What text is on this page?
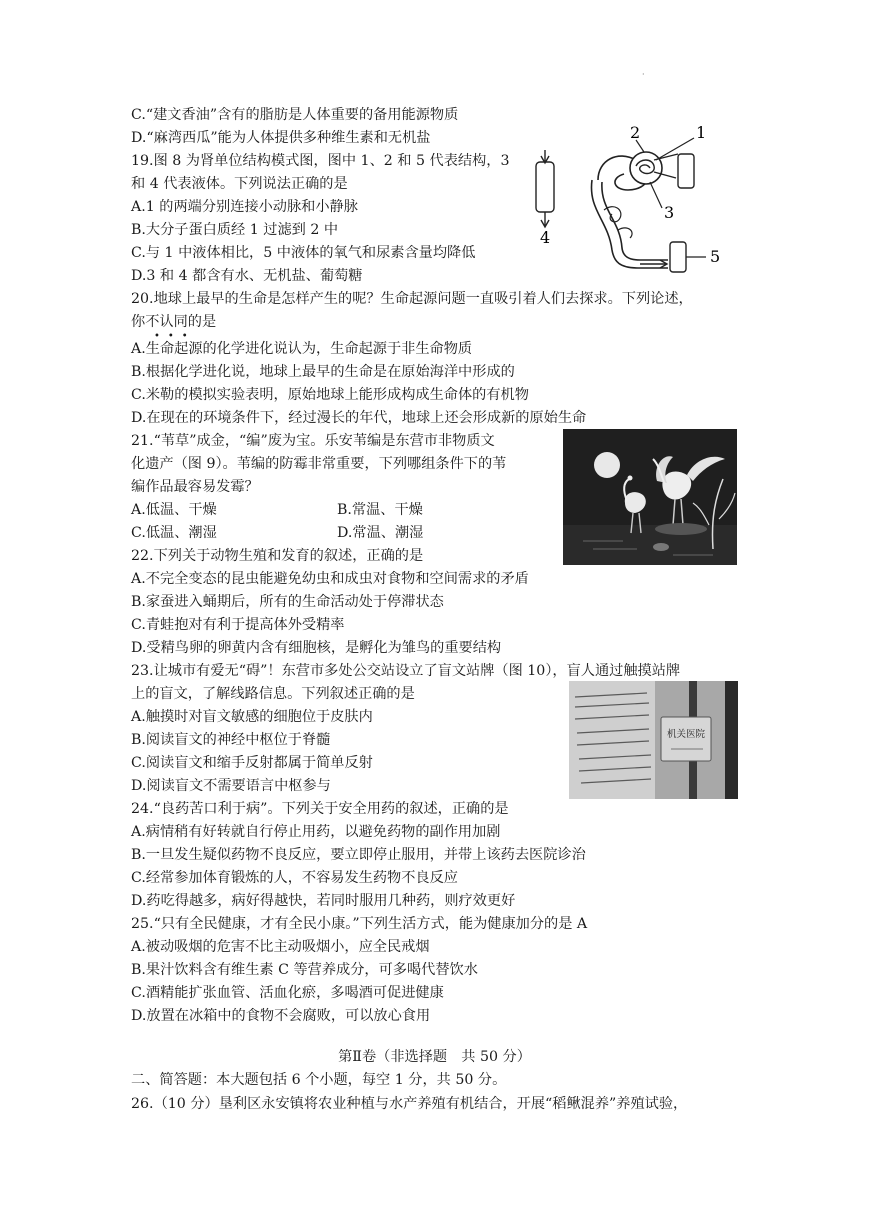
·
C.“建文香油”含有的脂肪是人体重要的备用能源物质
D.“麻湾西瓜”能为人体提供多种维生素和无机盐
19.图 8 为肾单位结构模式图，图中 1、2 和 5 代表结构，3
和 4 代表液体。下列说法正确的是
A.1 的两端分别连接小动脉和小静脉
B.大分子蛋白质经 1 过滤到 2 中
C.与 1 中液体相比，5 中液体的氧气和尿素含量均降低
D.3 和 4 都含有水、无机盐、葡萄糖
20.地球上最早的生命是怎样产生的呢？生命起源问题一直吸引着人们去探求。下列论述，
你不认同的是
•••
A.生命起源的化学进化说认为，生命起源于非生命物质
B.根据化学进化说，地球上最早的生命是在原始海洋中形成的
C.米勒的模拟实验表明，原始地球上能形成构成生命体的有机物
D.在现在的环境条件下，经过漫长的年代，地球上还会形成新的原始生命
21.“苇草”成金，“编”废为宝。乐安苇编是东营市非物质文
化遗产（图 9）。苇编的防霉非常重要，下列哪组条件下的苇
编作品最容易发霉？
A.低温、干燥	B.常温、干燥
C.低温、潮湿	D.常温、潮湿
22.下列关于动物生殖和发育的叙述，正确的是
A.不完全变态的昆虫能避免幼虫和成虫对食物和空间需求的矛盾
B.家蚕进入蛹期后，所有的生命活动处于停滞状态
C.青蛙抱对有利于提高体外受精率
D.受精鸟卵的卵黄内含有细胞核，是孵化为雏鸟的重要结构
23.让城市有爱无“碍”！东营市多处公交站设立了盲文站牌（图 10），盲人通过触摸站牌
上的盲文，了解线路信息。下列叙述正确的是
A.触摸时对盲文敏感的细胞位于皮肤内
B.阅读盲文的神经中枢位于脊髓
C.阅读盲文和缩手反射都属于简单反射
D.阅读盲文不需要语言中枢参与
24.“良药苦口利于病”。下列关于安全用药的叙述，正确的是
A.病情稍有好转就自行停止用药，以避免药物的副作用加剧
B.一旦发生疑似药物不良反应，要立即停止服用，并带上该药去医院诊治
C.经常参加体育锻炼的人，不容易发生药物不良反应
D.药吃得越多，病好得越快，若同时服用几种药，则疗效更好
25.“只有全民健康，才有全民小康。”下列生活方式，能为健康加分的是 A
A.被动吸烟的危害不比主动吸烟小，应全民戒烟
B.果汁饮料含有维生素 C 等营养成分，可多喝代替饮水
C.酒精能扩张血管、活血化瘀，多喝酒可促进健康
D.放置在冰箱中的食物不会腐败，可以放心食用
第Ⅱ卷（非选择题　共 50 分）
二、简答题：本大题包括 6 个小题，每空 1 分，共 50 分。
26.（10 分）垦利区永安镇将农业种植与水产养殖有机结合，开展“稻鳅混养”养殖试验，
4
5
2	1
3
机关医院
